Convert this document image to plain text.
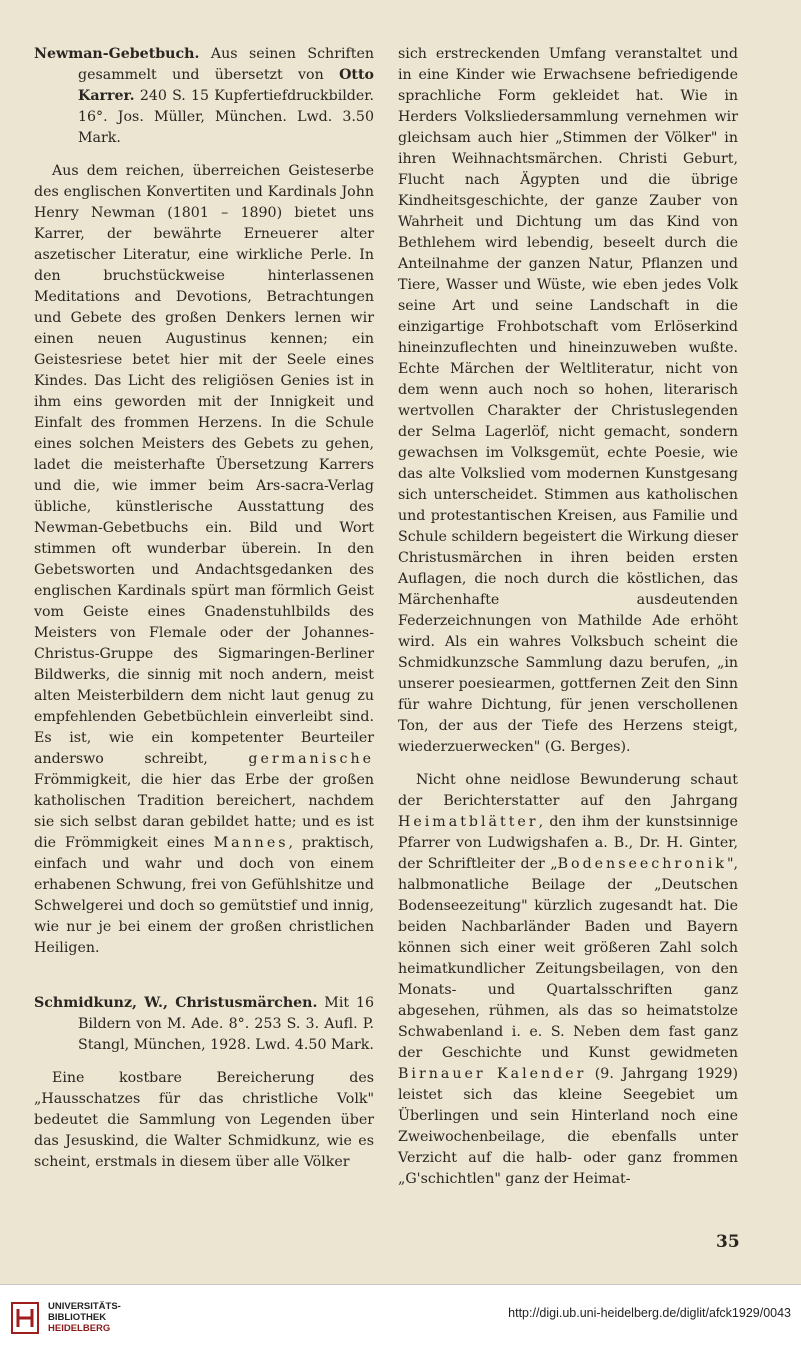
Newman-Gebetbuch. Aus seinen Schriften gesammelt und übersetzt von Otto Karrer. 240 S. 15 Kupfertiefdruckbilder. 16°. Jos. Müller, München. Lwd. 3.50 Mark.

Aus dem reichen, überreichen Geisteserbe des englischen Konvertiten und Kardinals John Henry Newman (1801 – 1890) bietet uns Karrer, der bewährte Erneuerer alter aszetischer Literatur, eine wirkliche Perle. In den bruchstückweise hinterlassenen Meditations and Devotions, Betrachtungen und Gebete des großen Denkers lernen wir einen neuen Augustinus kennen; ein Geistesriese betet hier mit der Seele eines Kindes. Das Licht des religiösen Genies ist in ihm eins geworden mit der Innigkeit und Einfalt des frommen Herzens. In die Schule eines solchen Meisters des Gebets zu gehen, ladet die meisterhafte Übersetzung Karrers und die, wie immer beim Ars-sacra-Verlag übliche, künstlerische Ausstattung des Newman-Gebetbuchs ein. Bild und Wort stimmen oft wunderbar überein. In den Gebetsworten und Andachtsgedanken des englischen Kardinals spürt man förmlich Geist vom Geiste eines Gnadenstuhlbilds des Meisters von Flemale oder der Johannes-Christus-Gruppe des Sigmaringen-Berliner Bildwerks, die sinnig mit noch andern, meist alten Meisterbildern dem nicht laut genug zu empfehlenden Gebetbüchlein einverleibt sind. Es ist, wie ein kompetenter Beurteiler anderswo schreibt, germanische Frömmigkeit, die hier das Erbe der großen katholischen Tradition bereichert, nachdem sie sich selbst daran gebildet hatte; und es ist die Frömmigkeit eines Mannes, praktisch, einfach und wahr und doch von einem erhabenen Schwung, frei von Gefühlshitze und Schwelgerei und doch so gemütstief und innig, wie nur je bei einem der großen christlichen Heiligen.

Schmidkunz, W., Christusmärchen. Mit 16 Bildern von M. Ade. 8°. 253 S. 3. Aufl. P. Stangl, München, 1928. Lwd. 4.50 Mark.

Eine kostbare Bereicherung des „Hausschatzes für das christliche Volk" bedeutet die Sammlung von Legenden über das Jesuskind, die Walter Schmidkunz, wie es scheint, erstmals in diesem über alle Völker

sich erstreckenden Umfang veranstaltet und in eine Kinder wie Erwachsene befriedigende sprachliche Form gekleidet hat. Wie in Herders Volksliedersammlung vernehmen wir gleichsam auch hier „Stimmen der Völker" in ihren Weihnachtsmärchen. Christi Geburt, Flucht nach Ägypten und die übrige Kindheitsgeschichte, der ganze Zauber von Wahrheit und Dichtung um das Kind von Bethlehem wird lebendig, beseelt durch die Anteilnahme der ganzen Natur, Pflanzen und Tiere, Wasser und Wüste, wie eben jedes Volk seine Art und seine Landschaft in die einzigartige Frohbotschaft vom Erlöserkind hineinzuflechten und hineinzuweben wußte. Echte Märchen der Weltliteratur, nicht von dem wenn auch noch so hohen, literarisch wertvollen Charakter der Christuslegenden der Selma Lagerlöf, nicht gemacht, sondern gewachsen im Volksgemüt, echte Poesie, wie das alte Volkslied vom modernen Kunstgesang sich unterscheidet. Stimmen aus katholischen und protestantischen Kreisen, aus Familie und Schule schildern begeistert die Wirkung dieser Christusmärchen in ihren beiden ersten Auflagen, die noch durch die köstlichen, das Märchenhafte ausdeutenden Federzeichnungen von Mathilde Ade erhöht wird. Als ein wahres Volksbuch scheint die Schmidkunzsche Sammlung dazu berufen, „in unserer poesiearmen, gottfernen Zeit den Sinn für wahre Dichtung, für jenen verschollenen Ton, der aus der Tiefe des Herzens steigt, wiederzuerwecken" (G. Berges).

Nicht ohne neidlose Bewunderung schaut der Berichterstatter auf den Jahrgang Heimatblätter, den ihm der kunstsinnige Pfarrer von Ludwigshafen a. B., Dr. H. Ginter, der Schriftleiter der „Bodenseechronik", halbmonatliche Beilage der „Deutschen Bodenseezeitung" kürzlich zugesandt hat. Die beiden Nachbarländer Baden und Bayern können sich einer weit größeren Zahl solch heimatkundlicher Zeitungsbeilagen, von den Monats- und Quartalsschriften ganz abgesehen, rühmen, als das so heimatstolze Schwabenland i. e. S. Neben dem fast ganz der Geschichte und Kunst gewidmeten Birnauer Kalender (9. Jahrgang 1929) leistet sich das kleine Seegebiet um Überlingen und sein Hinterland noch eine Zweiwochenbeilage, die ebenfalls unter Verzicht auf die halb- oder ganz frommen „G'schichtlen" ganz der Heimat-

35
UNIVERSITÄTS-
BIBLIOTHEK
HEIDELBERG
http://digi.ub.uni-heidelberg.de/diglit/afck1929/0043
